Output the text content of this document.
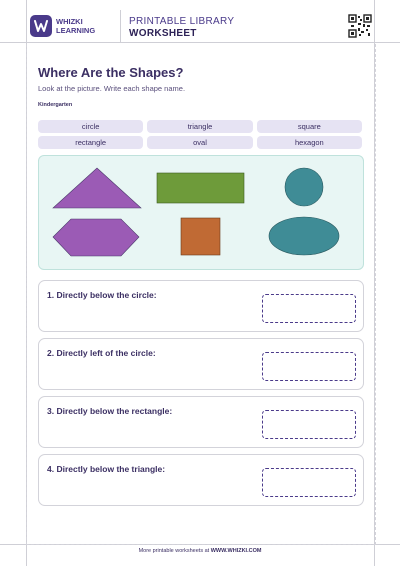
WHIZKI
LEARNING
PRINTABLE LIBRARY
WORKSHEET
Where Are the Shapes?
Look at the picture. Write each shape name.
Kindergarten
circle	triangle	square
rectangle	oval	hexagon
1. Directly below the circle:
2. Directly left of the circle:
3. Directly below the rectangle:
4. Directly below the triangle:
More printable worksheets at WWW.WHIZKI.COM
